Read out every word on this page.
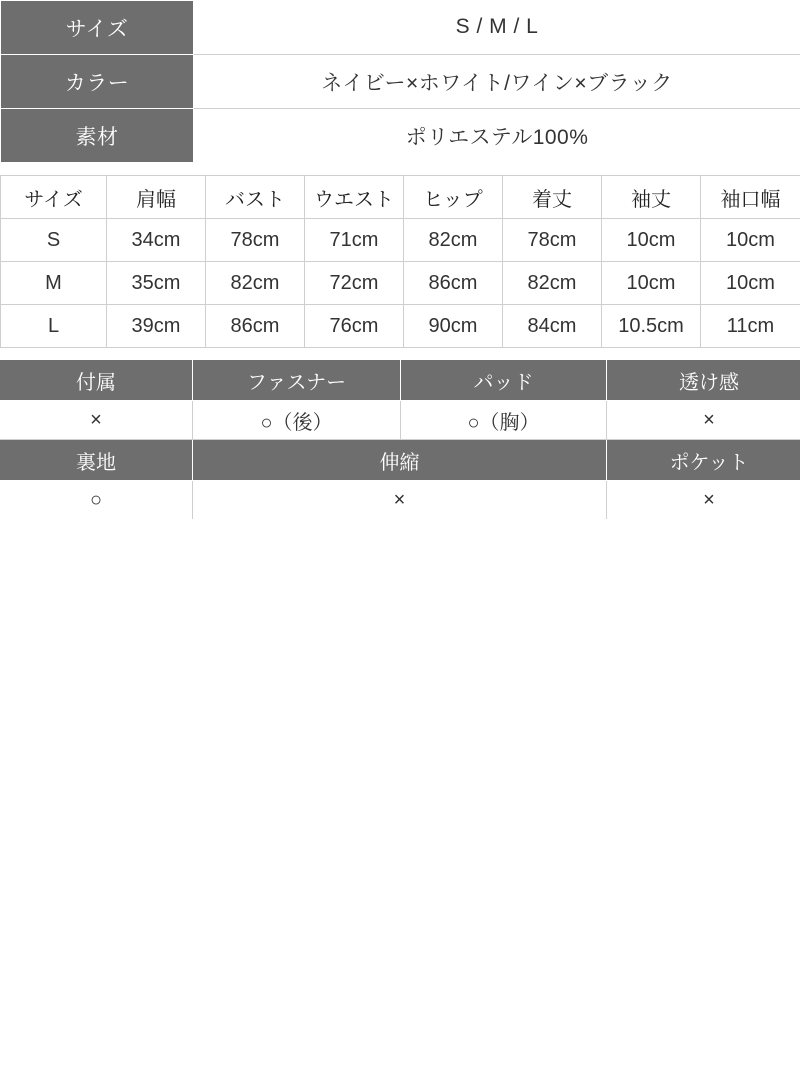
サイズ	S / M / L
カラー	ネイビー×ホワイト/ワイン×ブラック
素材	ポリエステル100%
サイズ	肩幅	バスト	ウエスト	ヒップ	着丈	袖丈	袖口幅
S	34cm	78cm	71cm	82cm	78cm	10cm	10cm
M	35cm	82cm	72cm	86cm	82cm	10cm	10cm
L	39cm	86cm	76cm	90cm	84cm	10.5cm	11cm
付属	ファスナー	パッド	透け感
×	○（後）	○（胸）	×
裏地	伸縮		ポケット
○	×		×
